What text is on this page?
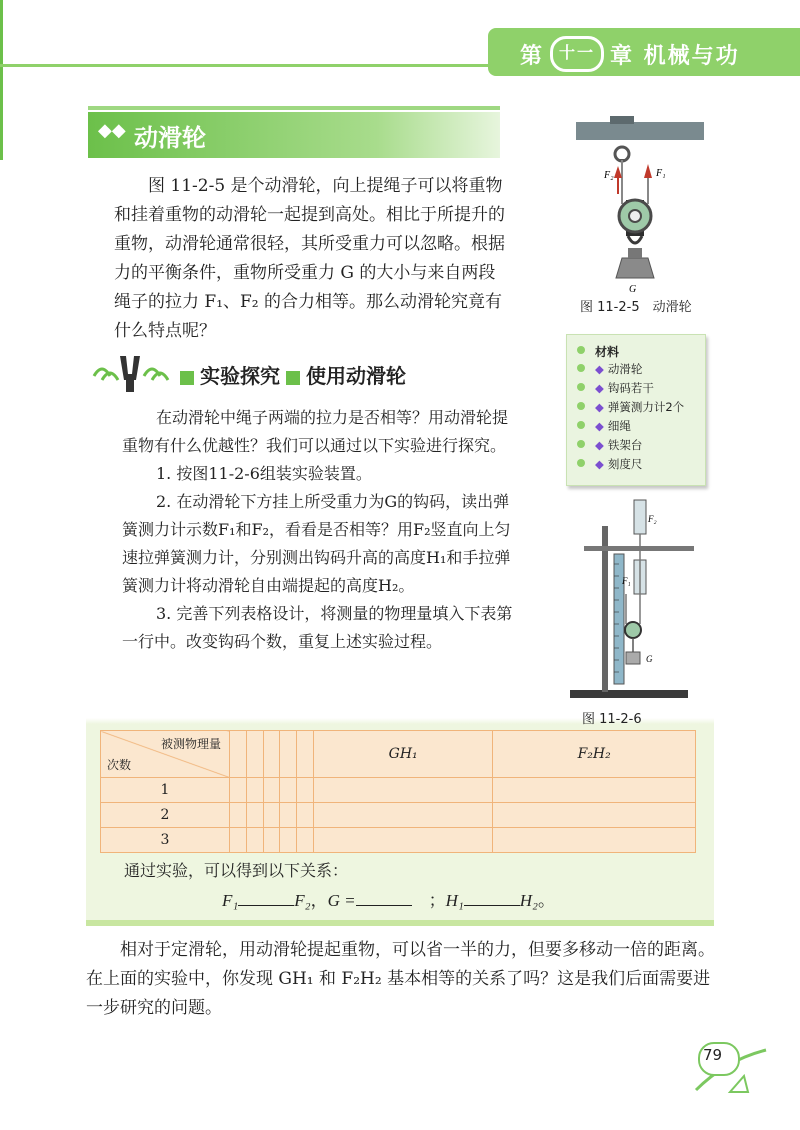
第 十一 章 机械与功
◆◆ 动滑轮
图 11-2-5 是个动滑轮，向上提绳子可以将重物和挂着重物的动滑轮一起提到高处。相比于所提升的重物，动滑轮通常很轻，其所受重力可以忽略。根据力的平衡条件，重物所受重力 G 的大小与来自两段绳子的拉力 F₁、F₂ 的合力相等。那么动滑轮究竟有什么特点呢？
实验探究 使用动滑轮

在动滑轮中绳子两端的拉力是否相等？用动滑轮提重物有什么优越性？我们可以通过以下实验进行探究。

1. 按图11-2-6组装实验装置。

2. 在动滑轮下方挂上所受重力为G的钩码，读出弹簧测力计示数F₁和F₂，看看是否相等？用F₂竖直向上匀速拉弹簧测力计，分别测出钩码升高的高度H₁和手拉弹簧测力计将动滑轮自由端提起的高度H₂。

3. 完善下列表格设计，将测量的物理量填入下表第一行中。改变钩码个数，重复上述实验过程。

被测物理量
次数						GH₁	F₂H₂
1							
2							
3							
通过实验，可以得到以下关系：
F₁	F₂，G =	　；H₁	H₂。
相对于定滑轮，用动滑轮提起重物，可以省一半的力，但要多移动一倍的距离。在上面的实验中，你发现 GH₁ 和 F₂H₂ 基本相等的关系了吗？这是我们后面需要进一步研究的问题。
F₂	F₁
G
图 11-2-5　动滑轮
材料
◆ 动滑轮
◆ 钩码若干
◆ 弹簧测力计2个
◆ 细绳
◆ 铁架台
◆ 刻度尺
F₂
F₁
G
图 11-2-6
79
